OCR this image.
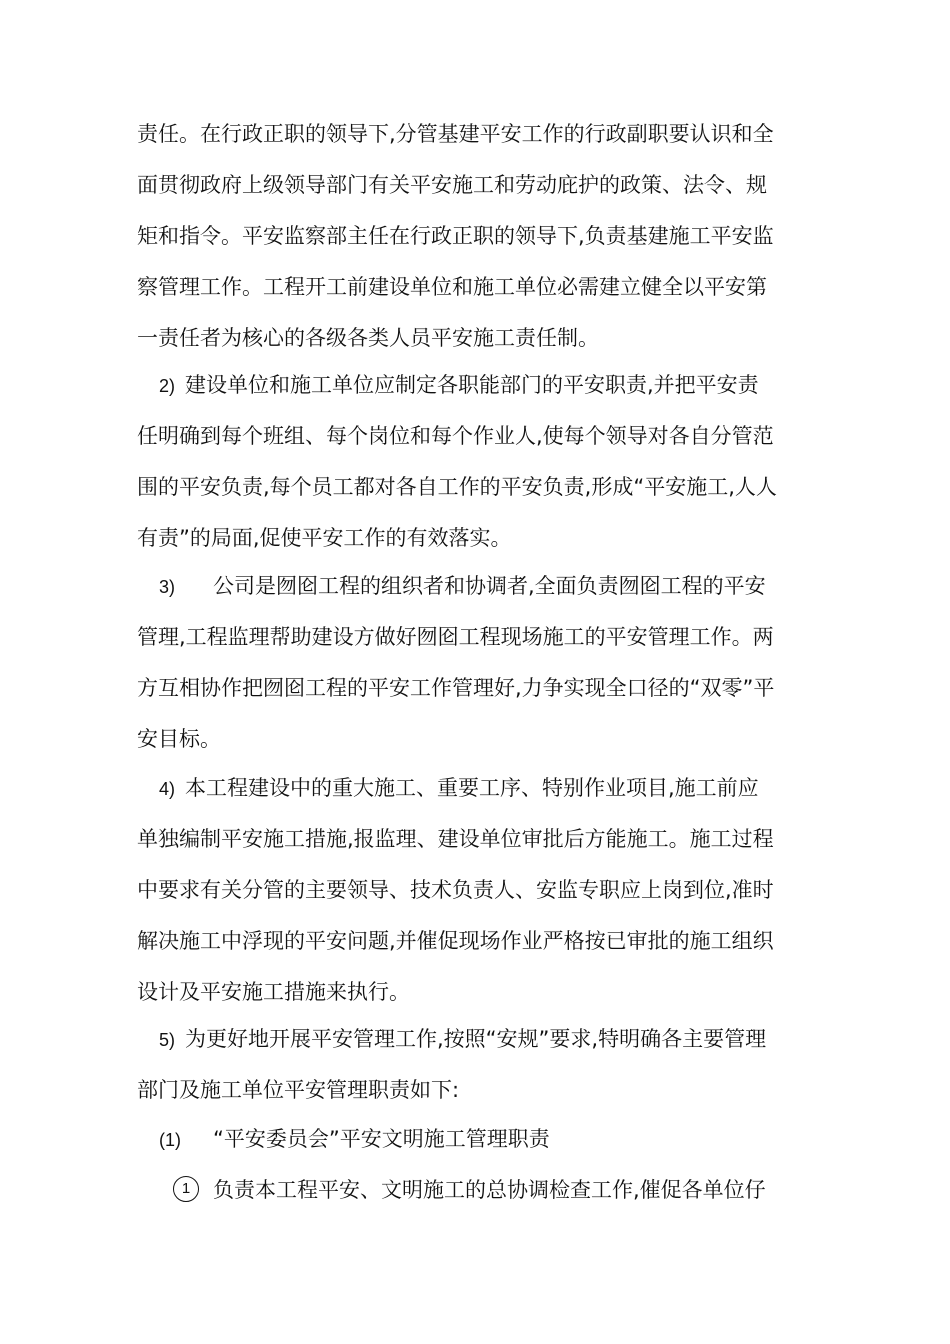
责任。在行政正职的领导下,分管基建平安工作的行政副职要认识和全
面贯彻政府上级领导部门有关平安施工和劳动庇护的政策、法令、规
矩和指令。平安监察部主任在行政正职的领导下,负责基建施工平安监
察管理工作。工程开工前建设单位和施工单位必需建立健全以平安第
一责任者为核心的各级各类人员平安施工责任制。
2) 建设单位和施工单位应制定各职能部门的平安职责,并把平安责
任明确到每个班组、每个岗位和每个作业人,使每个领导对各自分管范
围的平安负责,每个员工都对各自工作的平安负责,形成“平安施工,人人
有责”的局面,促使平安工作的有效落实。
3) 公司是囫囵工程的组织者和协调者,全面负责囫囵工程的平安
管理,工程监理帮助建设方做好囫囵工程现场施工的平安管理工作。两
方互相协作把囫囵工程的平安工作管理好,力争实现全口径的“双零”平
安目标。
4) 本工程建设中的重大施工、重要工序、特别作业项目,施工前应
单独编制平安施工措施,报监理、建设单位审批后方能施工。施工过程
中要求有关分管的主要领导、技术负责人、安监专职应上岗到位,准时
解决施工中浮现的平安问题,并催促现场作业严格按已审批的施工组织
设计及平安施工措施来执行。
5) 为更好地开展平安管理工作,按照“安规”要求,特明确各主要管理
部门及施工单位平安管理职责如下:
(1) “平安委员会”平安文明施工管理职责
1 负责本工程平安、文明施工的总协调检查工作,催促各单位仔
